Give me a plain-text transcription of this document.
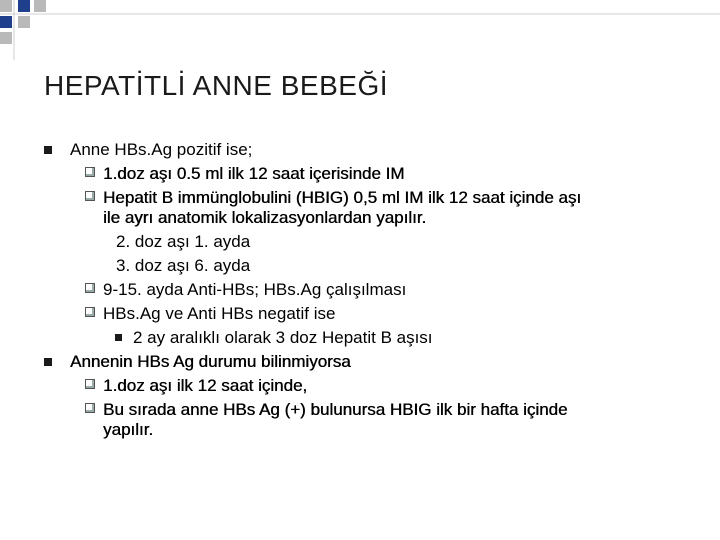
HEPATİTLİ ANNE BEBEĞİ
Anne HBs.Ag pozitif ise;
1.doz aşı 0.5 ml ilk 12 saat içerisinde IM
Hepatit B immünglobulini (HBIG) 0,5 ml IM ilk 12 saat içinde aşı
ile ayrı anatomik lokalizasyonlardan yapılır.
2. doz aşı 1. ayda
3. doz aşı 6. ayda
9-15. ayda Anti-HBs; HBs.Ag çalışılması
HBs.Ag ve Anti HBs negatif ise
2 ay aralıklı olarak 3 doz Hepatit B aşısı
Annenin HBs Ag durumu bilinmiyorsa
1.doz aşı ilk 12 saat içinde,
Bu sırada anne HBs Ag (+) bulunursa HBIG ilk bir hafta içinde
yapılır.
